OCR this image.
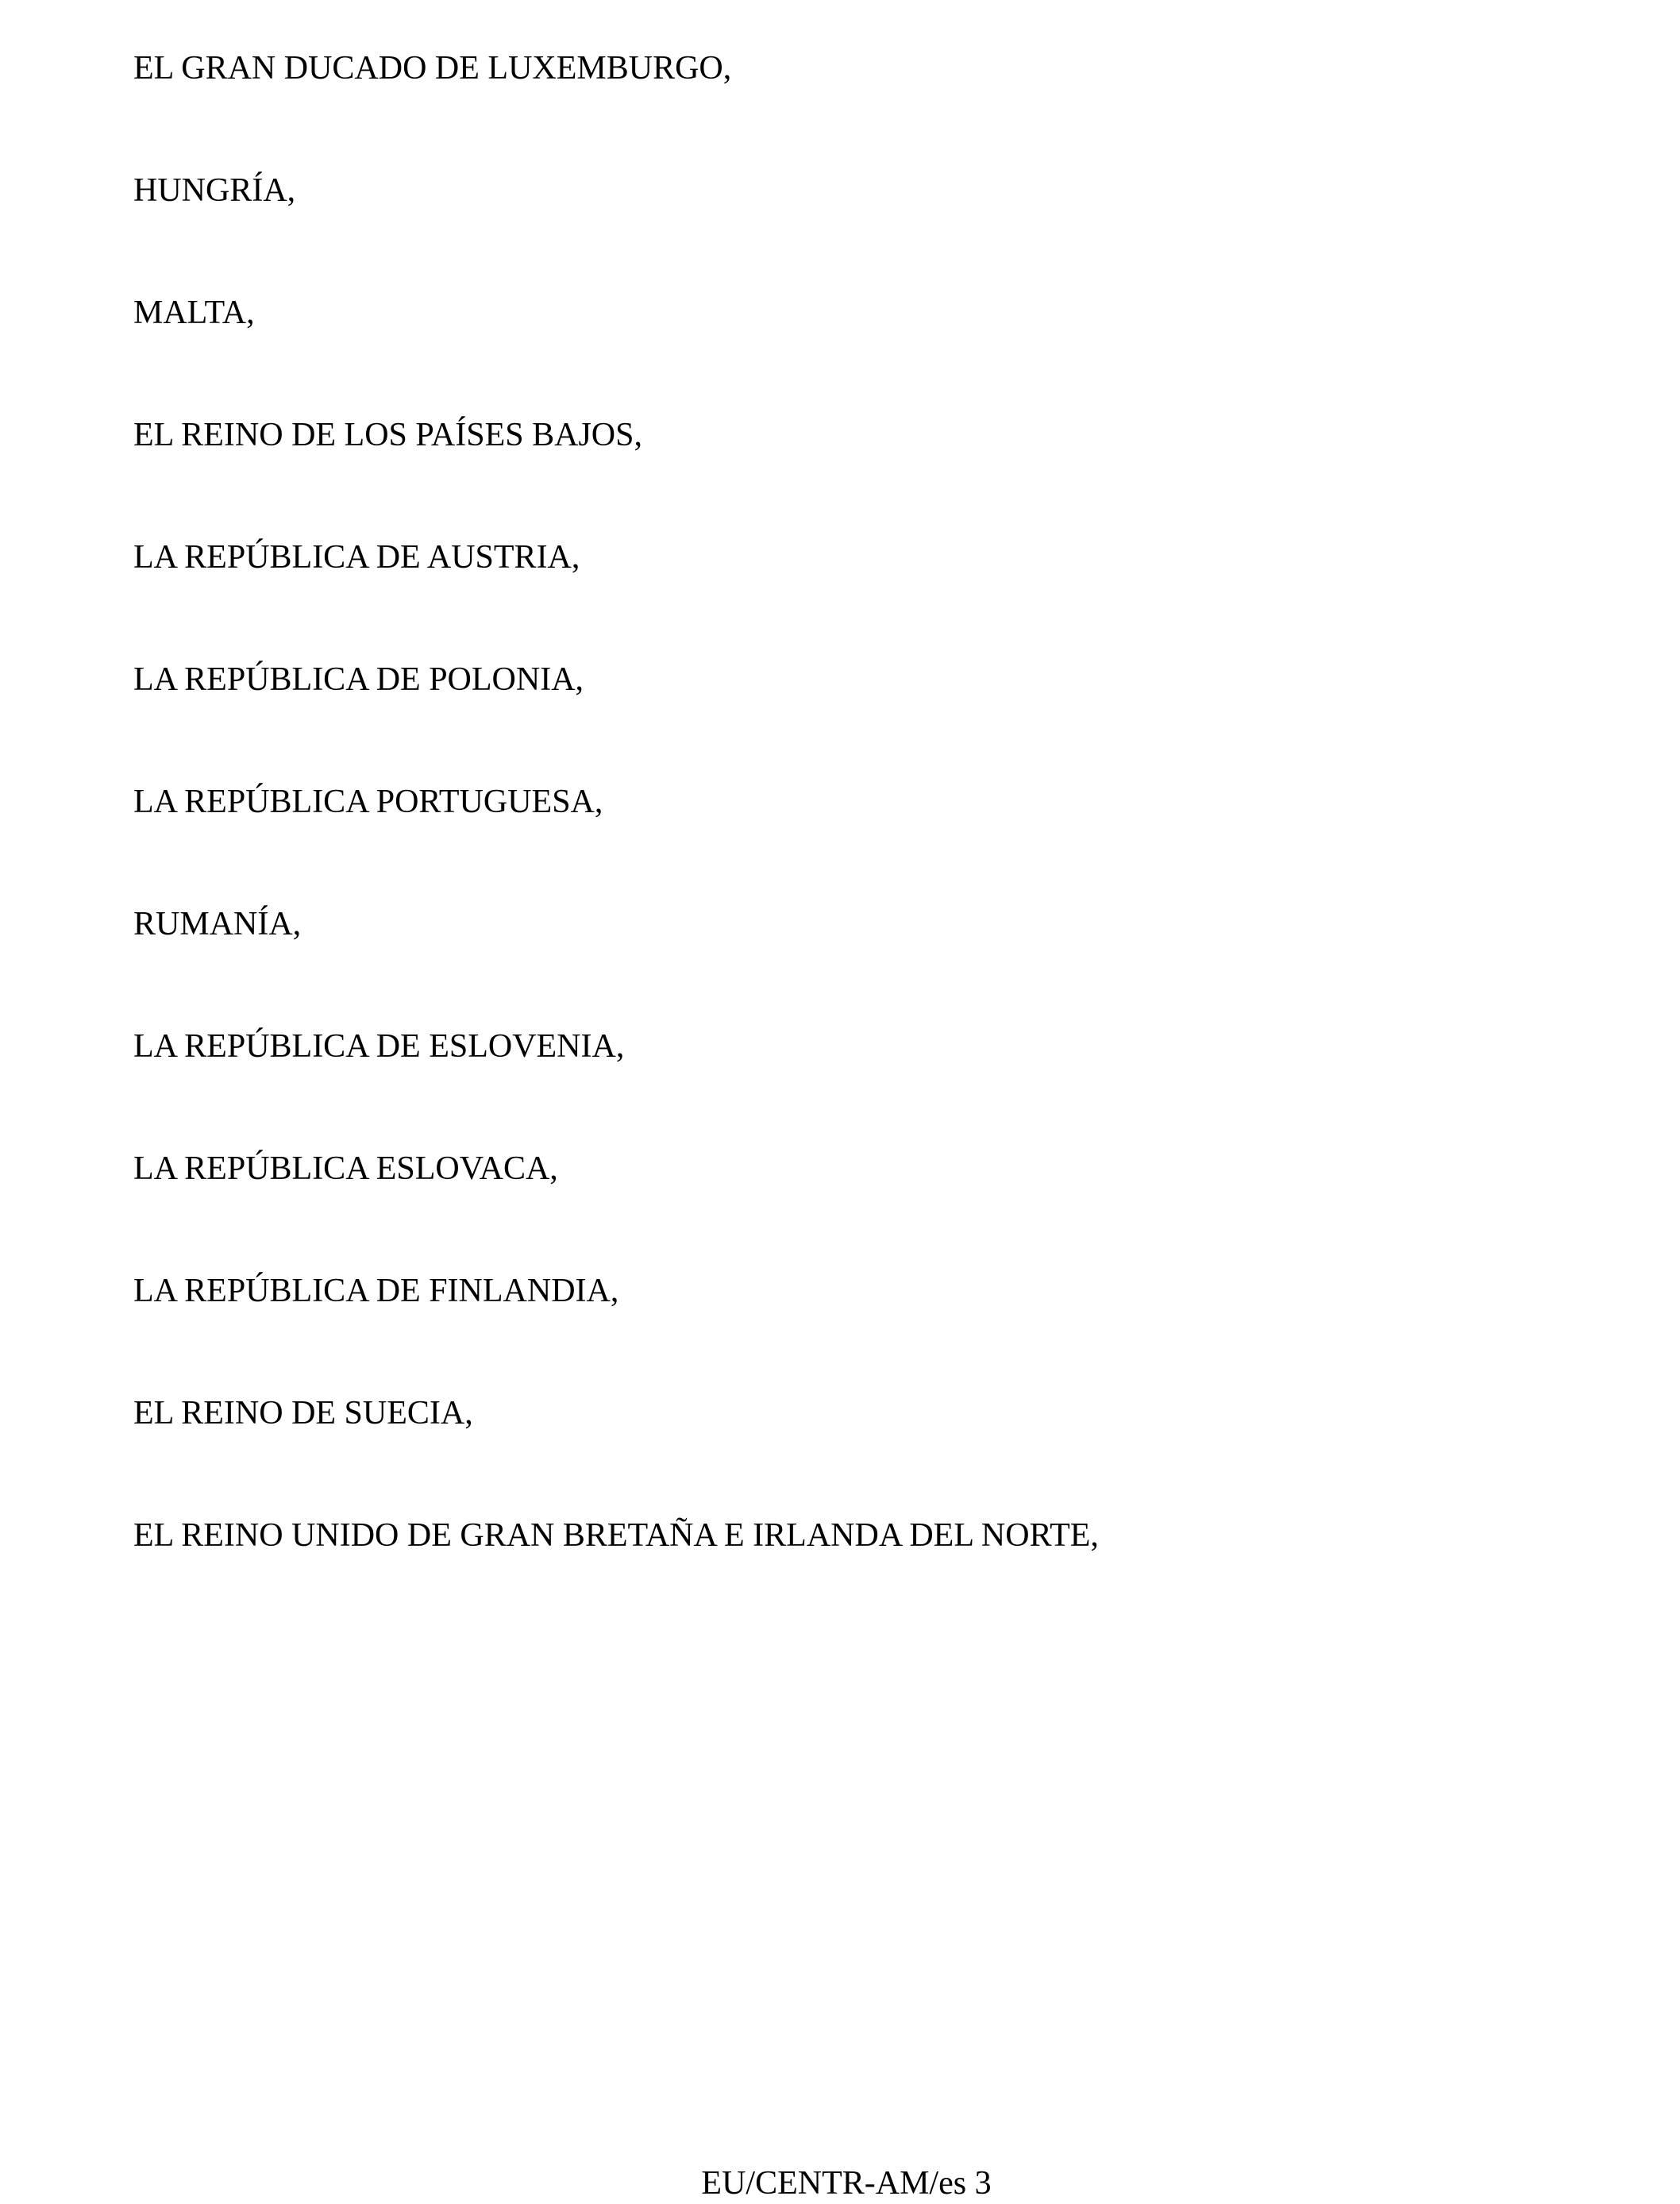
EL GRAN DUCADO DE LUXEMBURGO,
HUNGRÍA,
MALTA,
EL REINO DE LOS PAÍSES BAJOS,
LA REPÚBLICA DE AUSTRIA,
LA REPÚBLICA DE POLONIA,
LA REPÚBLICA PORTUGUESA,
RUMANÍA,
LA REPÚBLICA DE ESLOVENIA,
LA REPÚBLICA ESLOVACA,
LA REPÚBLICA DE FINLANDIA,
EL REINO DE SUECIA,
EL REINO UNIDO DE GRAN BRETAÑA E IRLANDA DEL NORTE,
EU/CENTR-AM/es 3
